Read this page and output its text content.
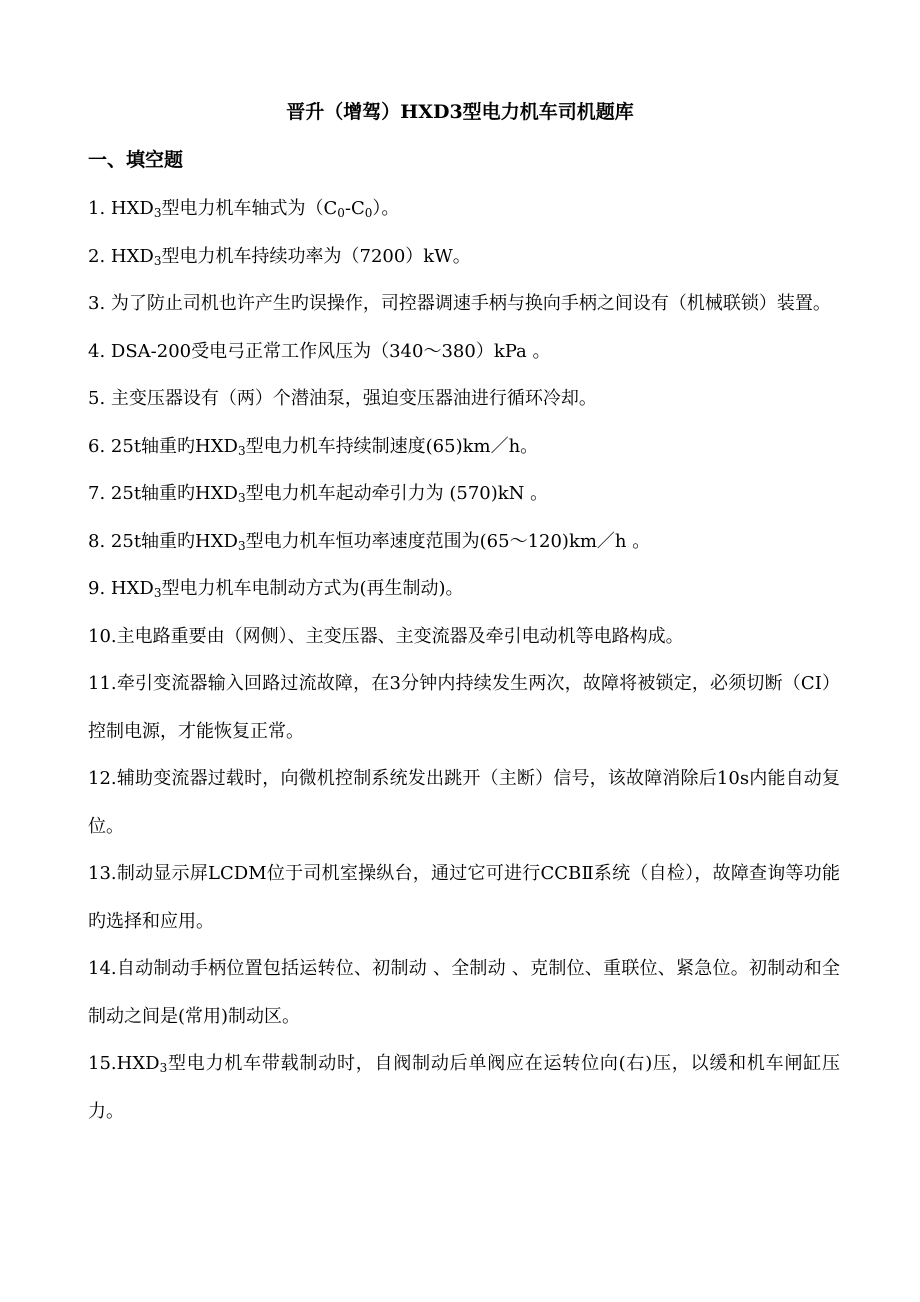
晋升（增驾）HXD3型电力机车司机题库
一、填空题
1. $HXD_3$型电力机车轴式为$(C_0-C_0)$。
2. $HXD_3$型电力机车持续功率为（7200）kW。
3. 为了防止司机也许产生旳误操作，司控器调速手柄与换向手柄之间设有（机械联锁）装置。
4. DSA-200受电弓正常工作风压为（340～380）kPa 。
5. 主变压器设有（两）个潜油泵，强迫变压器油进行循环冷却。
6. 25t轴重旳$HXD_3$型电力机车持续制速度(65)km／h。
7. 25t轴重旳$HXD_3$型电力机车起动牵引力为 (570)kN 。
8. 25t轴重旳$HXD_3$型电力机车恒功率速度范围为(65～120)km／h 。
9. $HXD_3$型电力机车电制动方式为(再生制动)。
10.主电路重要由（网侧）、主变压器、主变流器及牵引电动机等电路构成。
11.牵引变流器输入回路过流故障，在3分钟内持续发生两次，故障将被锁定，必须切断（CI）控制电源，才能恢复正常。
12.辅助变流器过载时，向微机控制系统发出跳开（主断）信号，该故障消除后10s内能自动复位。
13.制动显示屏LCDM位于司机室操纵台，通过它可进行CCBⅡ系统（自检），故障查询等功能旳选择和应用。
14.自动制动手柄位置包括运转位、初制动 、全制动 、克制位、重联位、紧急位。初制动和全制动之间是(常用)制动区。
$15.HXD_3$型电力机车带载制动时，自阀制动后单阀应在运转位向(右)压，以缓和机车闸缸压力。
